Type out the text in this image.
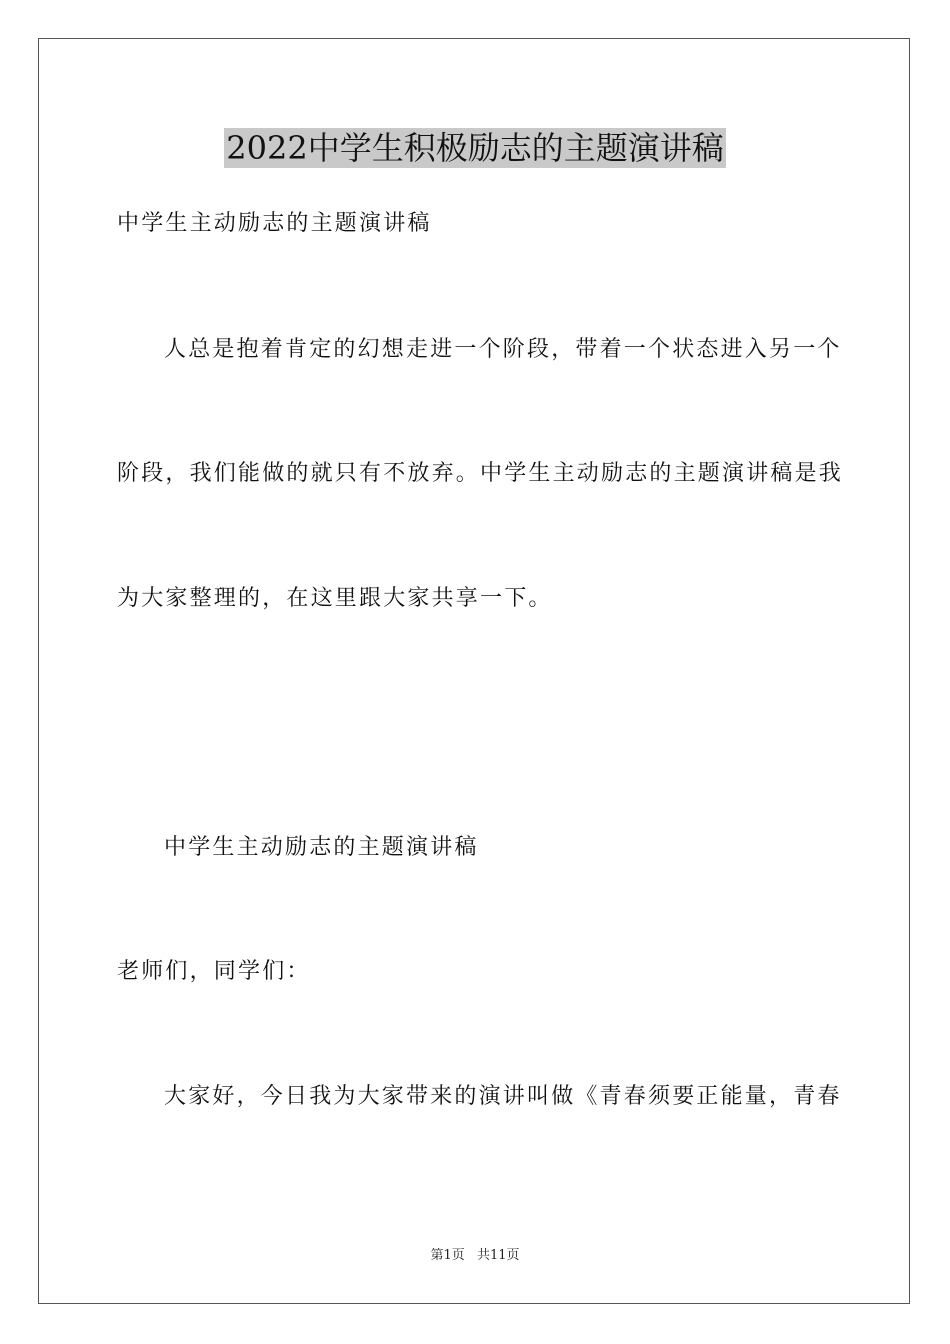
2022中学生积极励志的主题演讲稿
中学生主动励志的主题演讲稿
人总是抱着肯定的幻想走进一个阶段，带着一个状态进入另一个
阶段，我们能做的就只有不放弃。中学生主动励志的主题演讲稿是我
为大家整理的，在这里跟大家共享一下。
中学生主动励志的主题演讲稿
老师们，同学们：
大家好，今日我为大家带来的演讲叫做《青春须要正能量，青春
第1页 共11页
